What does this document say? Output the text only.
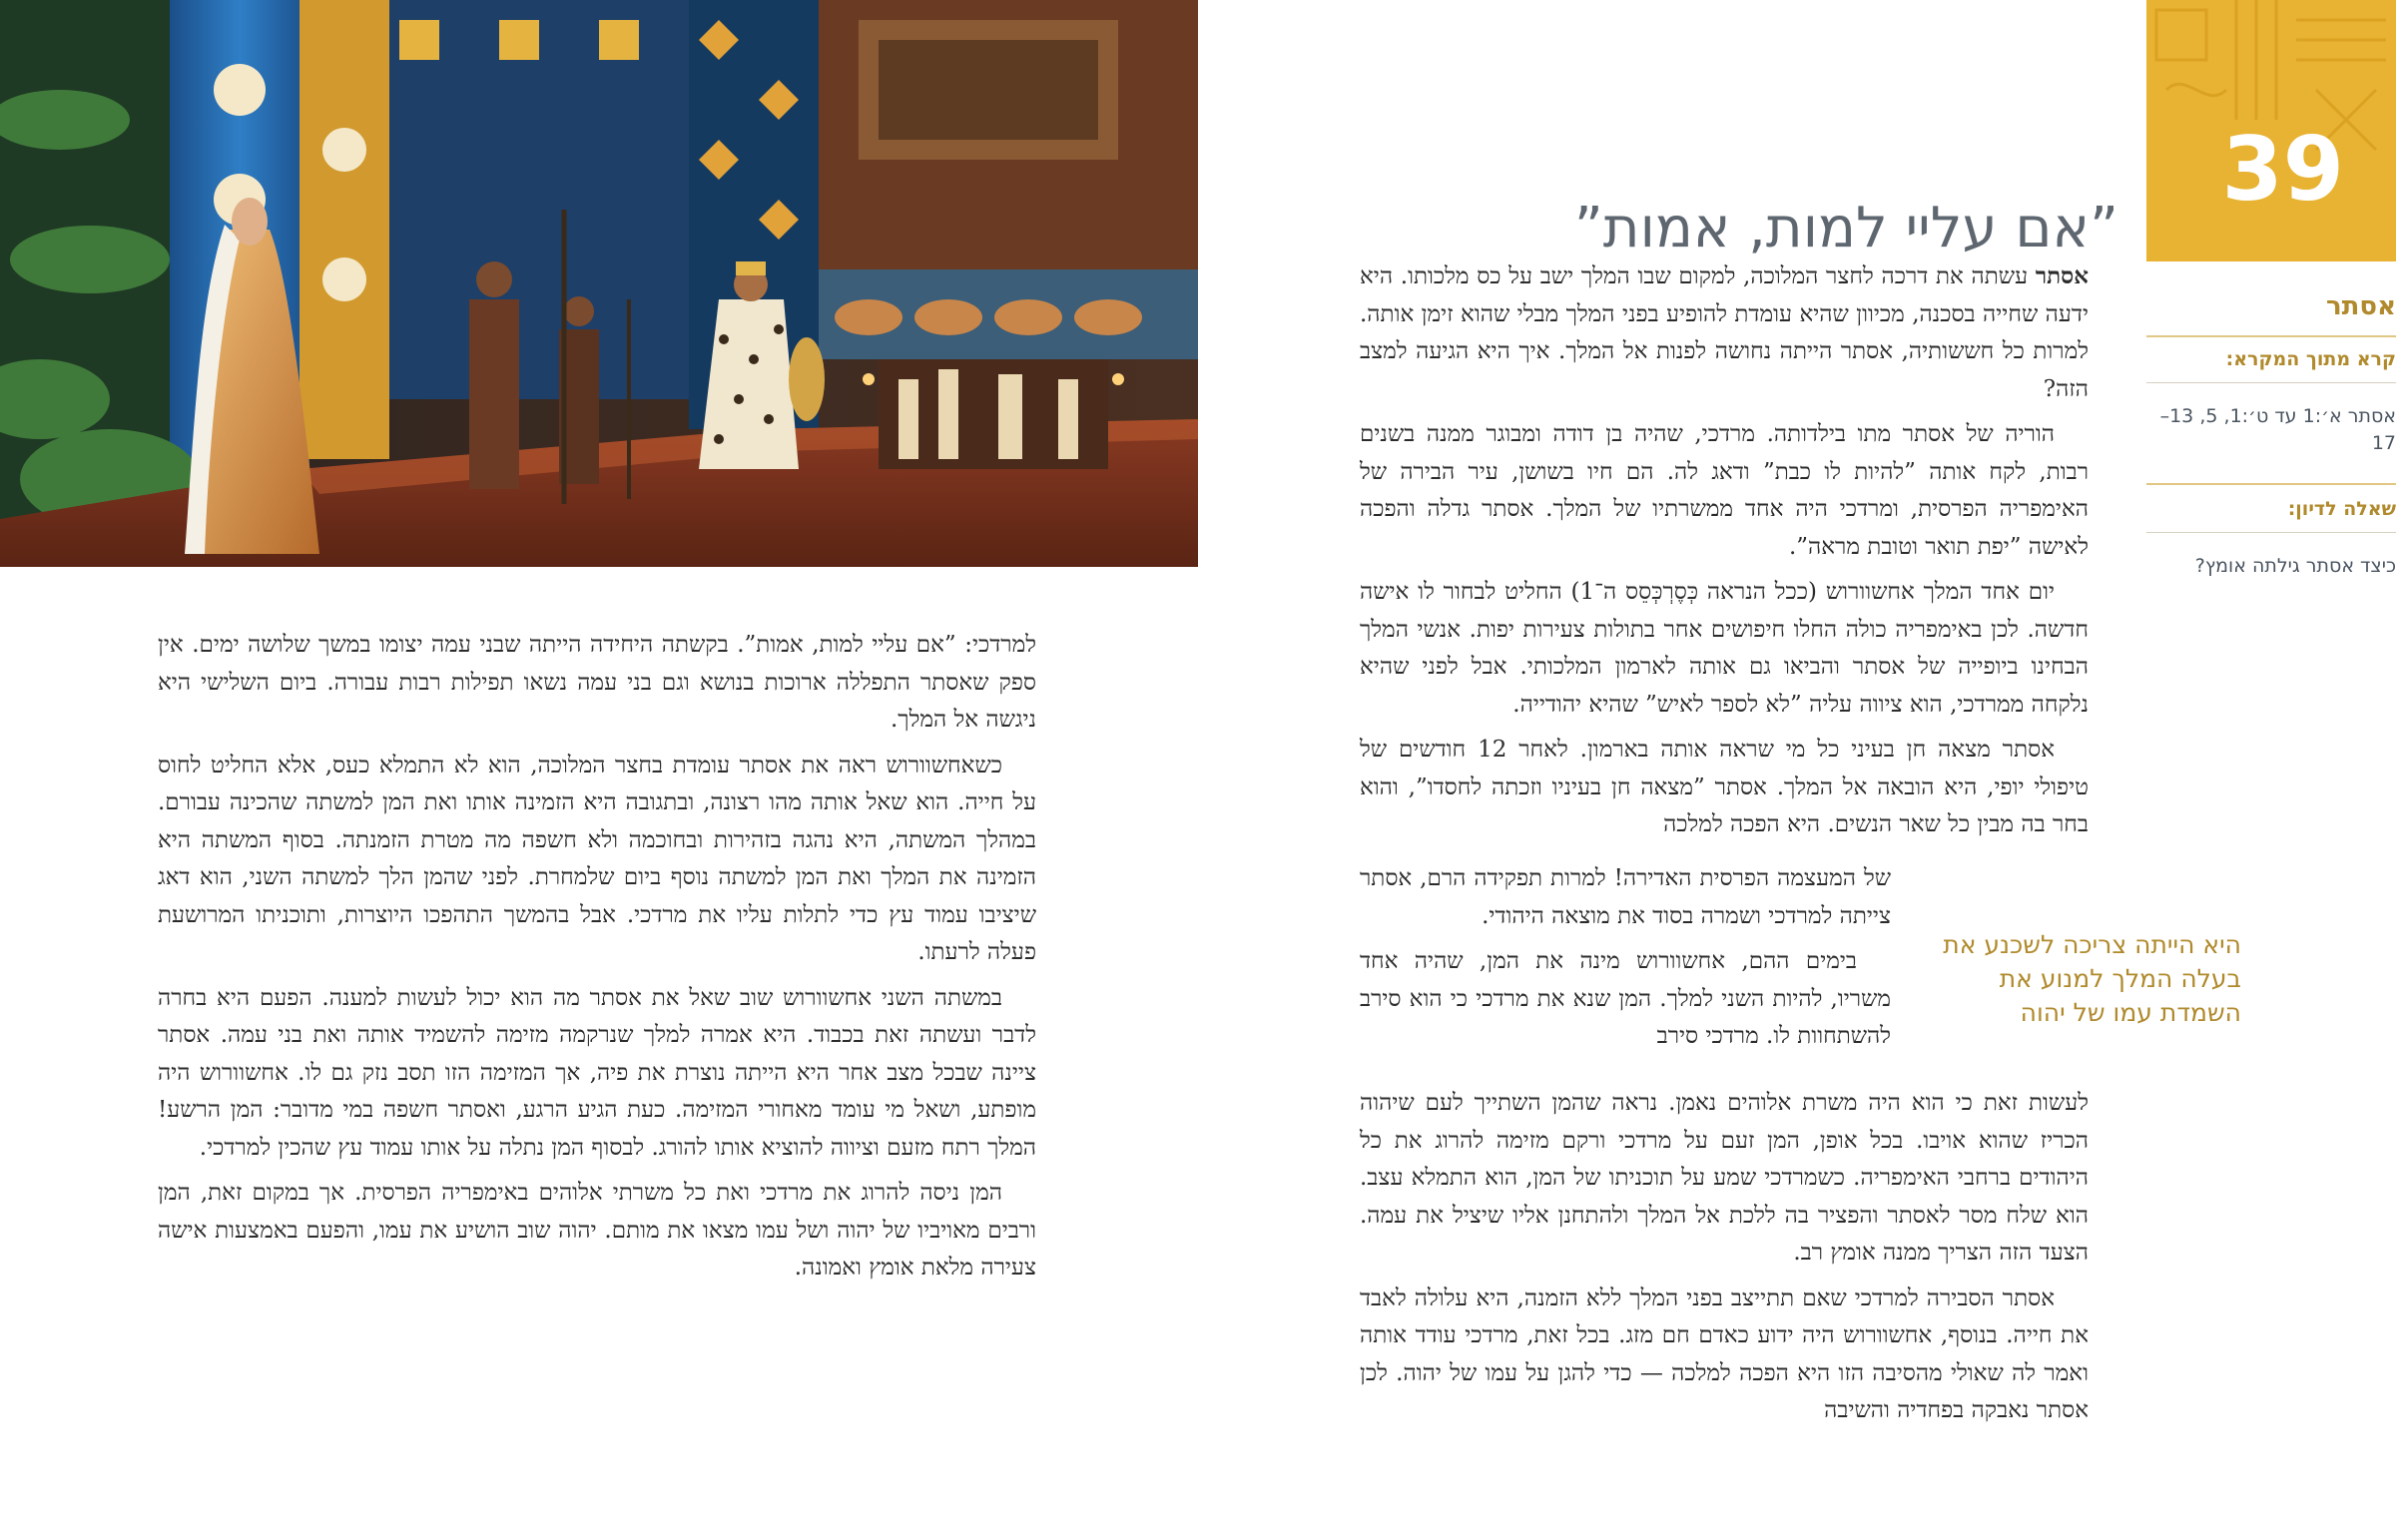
למרדכי: ”אם עליי למות, אמות”. בקשתה היחידה הייתה שבני עמה יצומו במשך שלושה ימים. אין ספק שאסתר התפללה ארוכות בנושא וגם בני עמה נשאו תפילות רבות עבורה. ביום השלישי היא ניגשה אל המלך.

כשאחשוורוש ראה את אסתר עומדת בחצר המלוכה, הוא לא התמלא כעס, אלא החליט לחוס על חייה. הוא שאל אותה מהו רצונה, ובתגובה היא הזמינה אותו ואת המן למשתה שהכינה עבורם. במהלך המשתה, היא נהגה בזהירות ובחוכמה ולא חשפה מה מטרת הזמנתה. בסוף המשתה היא הזמינה את המלך ואת המן למשתה נוסף ביום שלמחרת. לפני שהמן הלך למשתה השני, הוא דאג שיציבו עמוד עץ כדי לתלות עליו את מרדכי. אבל בהמשך התהפכו היוצרות, ותוכניתו המרושעת פעלה לרעתו.

במשתה השני אחשוורוש שוב שאל את אסתר מה הוא יכול לעשות למענה. הפעם היא בחרה לדבר ועשתה זאת בכבוד. היא אמרה למלך שנרקמה מזימה להשמיד אותה ואת בני עמה. אסתר ציינה שבכל מצב אחר היא הייתה נוצרת את פיה, אך המזימה הזו תסב נזק גם לו. אחשוורוש היה מופתע, ושאל מי עומד מאחורי המזימה. כעת הגיע הרגע, ואסתר חשפה במי מדובר: המן הרשע! המלך רתח מזעם וציווה להוציא אותו להורג. לבסוף המן נתלה על אותו עמוד עץ שהכין למרדכי.

המן ניסה להרוג את מרדכי ואת כל משרתי אלוהים באימפריה הפרסית. אך במקום זאת, המן ורבים מאויביו של יהוה ושל עמו מצאו את מותם. יהוה שוב הושיע את עמו, והפעם באמצעות אישה צעירה מלאת אומץ ואמונה.

”אם עליי למות, אמות”

אסתר עשתה את דרכה לחצר המלוכה, למקום שבו המלך ישב על כס מלכותו. היא ידעה שחייה בסכנה, מכיוון שהיא עומדת להופיע בפני המלך מבלי שהוא זימן אותה. למרות כל חששותיה, אסתר הייתה נחושה לפנות אל המלך. איך היא הגיעה למצב הזה?

הוריה של אסתר מתו בילדותה. מרדכי, שהיה בן דודה ומבוגר ממנה בשנים רבות, לקח אותה ”להיות לו כבת” ודאג לה. הם חיו בשושן, עיר הבירה של האימפריה הפרסית, ומרדכי היה אחד ממשרתיו של המלך. אסתר גדלה והפכה לאישה ”יפת תואר וטובת מראה”.

יום אחד המלך אחשוורוש (ככל הנראה כְּסֶרְכְּסֵס ה־1) החליט לבחור לו אישה חדשה. לכן באימפריה כולה החלו חיפושים אחר בתולות צעירות יפות. אנשי המלך הבחינו ביופייה של אסתר והביאו גם אותה לארמון המלכותי. אבל לפני שהיא נלקחה ממרדכי, הוא ציווה עליה ”לא לספר לאיש” שהיא יהודייה.

אסתר מצאה חן בעיני כל מי שראה אותה בארמון. לאחר 12 חודשים של טיפולי יופי, היא הובאה אל המלך. אסתר ”מצאה חן בעיניו וזכתה לחסדו”, והוא בחר בה מבין כל שאר הנשים. היא הפכה למלכה

של המעצמה הפרסית האדירה! למרות תפקידה הרם, אסתר צייתה למרדכי ושמרה בסוד את מוצאה היהודי.

בימים ההם, אחשוורוש מינה את המן, שהיה אחד משריו, להיות השני למלך. המן שנא את מרדכי כי הוא סירב להשתחוות לו. מרדכי סירב

היא הייתה צריכה לשכנע את בעלה המלך למנוע את השמדת עמו של יהוה

לעשות זאת כי הוא היה משרת אלוהים נאמן. נראה שהמן השתייך לעם שיהוה הכריז שהוא אויבו. בכל אופן, המן זעם על מרדכי ורקם מזימה להרוג את כל היהודים ברחבי האימפריה. כשמרדכי שמע על תוכניתו של המן, הוא התמלא עצב. הוא שלח מסר לאסתר והפציר בה ללכת אל המלך ולהתחנן אליו שיציל את עמה. הצעד הזה הצריך ממנה אומץ רב.

אסתר הסבירה למרדכי שאם תתייצב בפני המלך ללא הזמנה, היא עלולה לאבד את חייה. בנוסף, אחשוורוש היה ידוע כאדם חם מזג. בכל זאת, מרדכי עודד אותה ואמר לה שאולי מהסיבה הזו היא הפכה למלכה — כדי להגן על עמו של יהוה. לכן אסתר נאבקה בפחדיה והשיבה

39
אסתר
קרא מתוך המקרא:
אסתר א׳:1 עד ט׳:1, 5, 13–17
שאלה לדיון:
כיצד אסתר גילתה אומץ?
